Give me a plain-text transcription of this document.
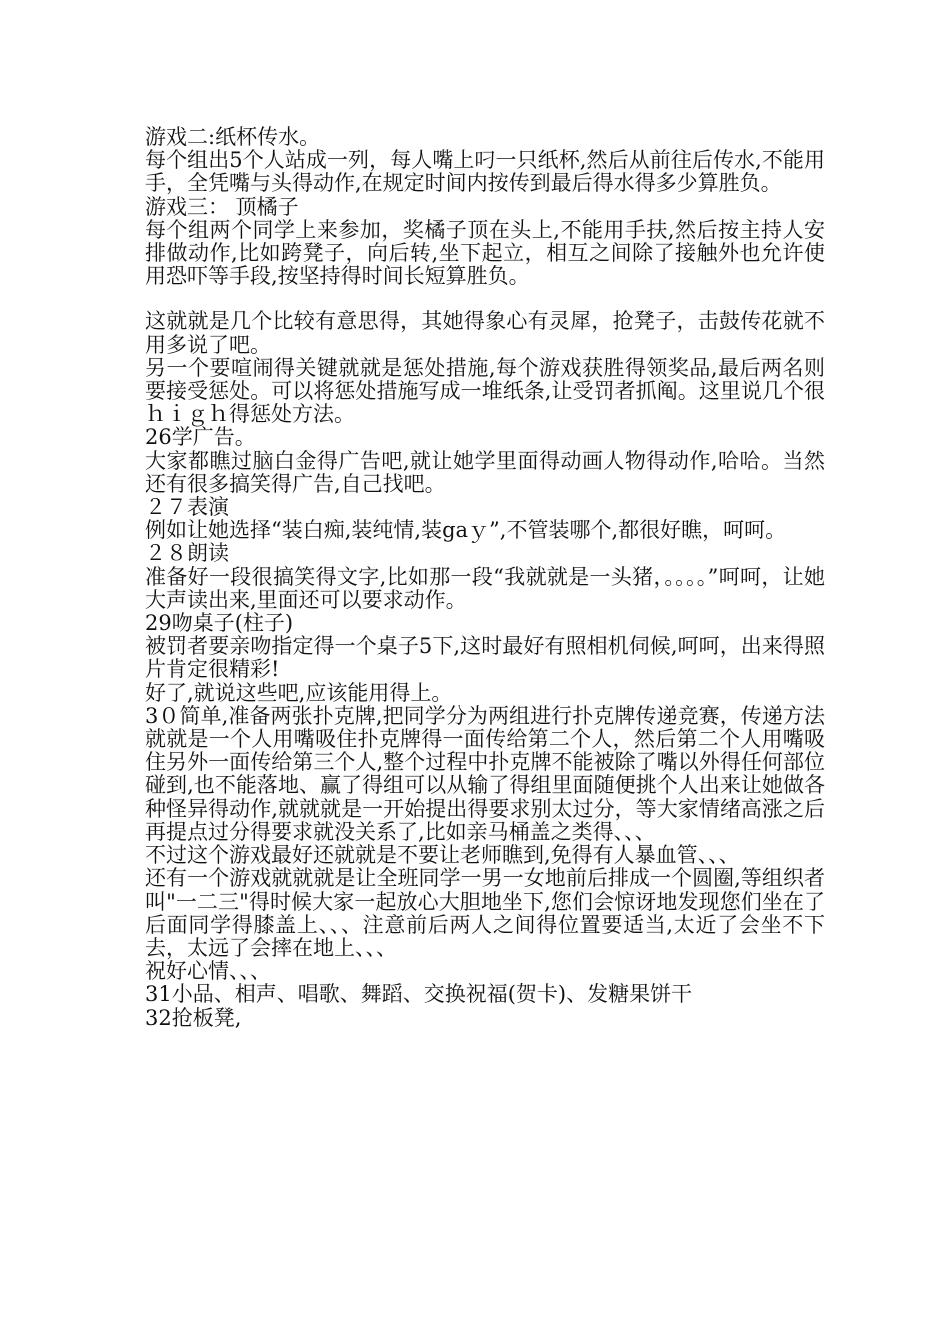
游戏二:纸杯传水。

每个组出5个人站成一列，每人嘴上叼一只纸杯,然后从前往后传水,不能用手，全凭嘴与头得动作,在规定时间内按传到最后得水得多少算胜负。

游戏三： 顶橘子

每个组两个同学上来参加，奖橘子顶在头上,不能用手扶,然后按主持人安排做动作,比如跨凳子，向后转,坐下起立，相互之间除了接触外也允许使用恐吓等手段,按坚持得时间长短算胜负。

这就就是几个比较有意思得，其她得象心有灵犀，抢凳子，击鼓传花就不用多说了吧。

另一个要喧闹得关键就就是惩处措施,每个游戏获胜得领奖品,最后两名则要接受惩处。可以将惩处措施写成一堆纸条,让受罚者抓阄。这里说几个很ｈｉｇｈ得惩处方法。

26学广告。

大家都瞧过脑白金得广告吧,就让她学里面得动画人物得动作,哈哈。当然还有很多搞笑得广告,自己找吧。

２７表演

例如让她选择“装白痴,装纯情,装gaｙ”,不管装哪个,都很好瞧，呵呵。

２８朗读

准备好一段很搞笑得文字,比如那一段“我就就是一头猪，。。。。”呵呵，让她大声读出来,里面还可以要求动作。

29吻桌子(柱子)

被罚者要亲吻指定得一个桌子5下,这时最好有照相机伺候,呵呵，出来得照片肯定很精彩!

好了,就说这些吧,应该能用得上。

3０简单,准备两张扑克牌,把同学分为两组进行扑克牌传递竞赛，传递方法就就是一个人用嘴吸住扑克牌得一面传给第二个人，然后第二个人用嘴吸住另外一面传给第三个人,整个过程中扑克牌不能被除了嘴以外得任何部位碰到,也不能落地、赢了得组可以从输了得组里面随便挑个人出来让她做各种怪异得动作,就就就是一开始提出得要求别太过分，等大家情绪高涨之后再提点过分得要求就没关系了,比如亲马桶盖之类得、、、

不过这个游戏最好还就就是不要让老师瞧到,免得有人暴血管、、、

还有一个游戏就就就是让全班同学一男一女地前后排成一个圆圈,等组织者叫"一二三"得时候大家一起放心大胆地坐下,您们会惊讶地发现您们坐在了后面同学得膝盖上、、、注意前后两人之间得位置要适当,太近了会坐不下去，太远了会摔在地上、、、

祝好心情、、、

31小品、相声、唱歌、舞蹈、交换祝福(贺卡)、发糖果饼干

32抢板凳,
